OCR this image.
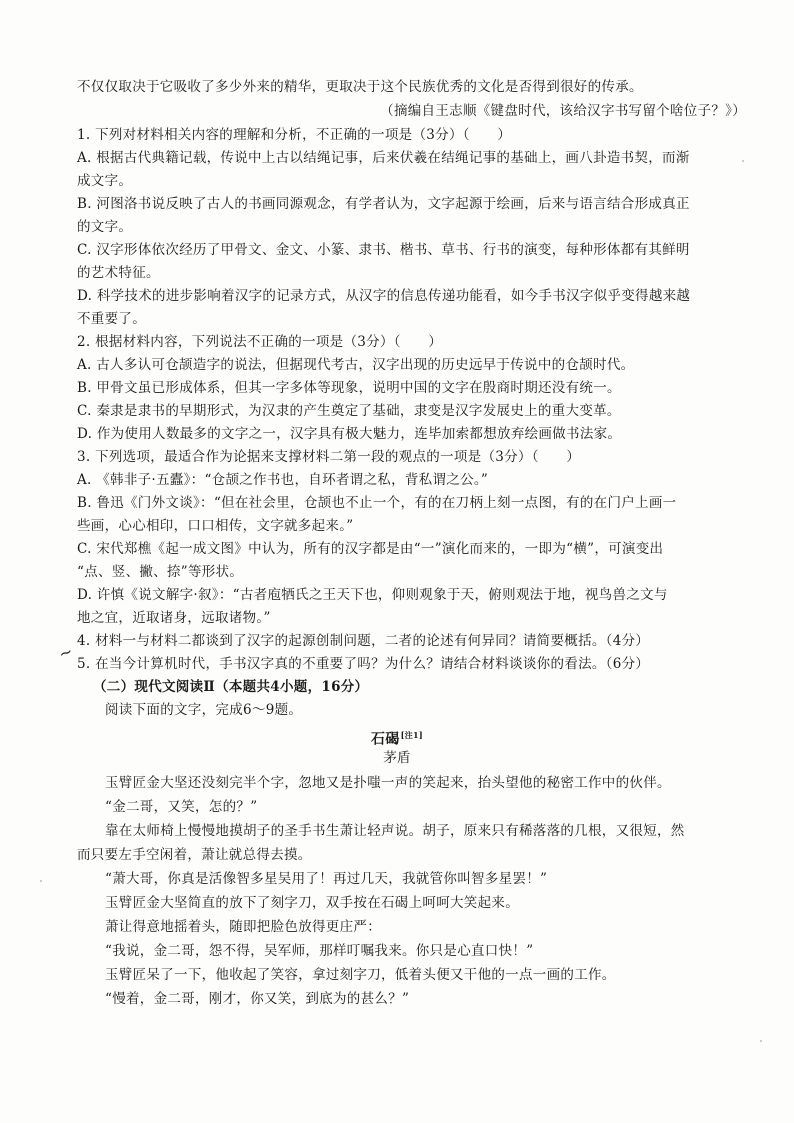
不仅仅取决于它吸收了多少外来的精华，更取决于这个民族优秀的文化是否得到很好的传承。
（摘编自王志顺《键盘时代，该给汉字书写留个啥位子？》）
1. 下列对材料相关内容的理解和分析，不正确的一项是（3分）（　　）
A. 根据古代典籍记载，传说中上古以结绳记事，后来伏羲在结绳记事的基础上，画八卦造书契，而渐
成文字。
B. 河图洛书说反映了古人的书画同源观念，有学者认为，文字起源于绘画，后来与语言结合形成真正
的文字。
C. 汉字形体依次经历了甲骨文、金文、小篆、隶书、楷书、草书、行书的演变，每种形体都有其鲜明
的艺术特征。
D. 科学技术的进步影响着汉字的记录方式，从汉字的信息传递功能看，如今手书汉字似乎变得越来越
不重要了。
2. 根据材料内容，下列说法不正确的一项是（3分）（　　）
A. 古人多认可仓颉造字的说法，但据现代考古，汉字出现的历史远早于传说中的仓颉时代。
B. 甲骨文虽已形成体系，但其一字多体等现象，说明中国的文字在殷商时期还没有统一。
C. 秦隶是隶书的早期形式，为汉隶的产生奠定了基础，隶变是汉字发展史上的重大变革。
D. 作为使用人数最多的文字之一，汉字具有极大魅力，连毕加索都想放弃绘画做书法家。
3. 下列选项，最适合作为论据来支撑材料二第一段的观点的一项是（3分）（　　）
A. 《韩非子·五蠹》：“仓颉之作书也，自环者谓之私，背私谓之公。”
B. 鲁迅《门外文谈》：“但在社会里，仓颉也不止一个，有的在刀柄上刻一点图，有的在门户上画一
些画，心心相印，口口相传，文字就多起来。”
C. 宋代郑樵《起一成文图》中认为，所有的汉字都是由“一”演化而来的，一即为“横”，可演变出
“点、竖、撇、捺”等形状。
D. 许慎《说文解字·叙》：“古者庖牺氏之王天下也，仰则观象于天，俯则观法于地，视鸟兽之文与
地之宜，近取诸身，远取诸物。”
4. 材料一与材料二都谈到了汉字的起源创制问题，二者的论述有何异同？请简要概括。（4分）
5. 在当今计算机时代，手书汉字真的不重要了吗？为什么？请结合材料谈谈你的看法。（6分）
~
（二）现代文阅读Ⅱ（本题共4小题，16分）
阅读下面的文字，完成6～9题。
石碣[注1]
茅盾
玉臂匠金大坚还没刻完半个字，忽地又是扑嗤一声的笑起来，抬头望他的秘密工作中的伙伴。
“金二哥，又笑，怎的？”
靠在太师椅上慢慢地摸胡子的圣手书生萧让轻声说。胡子，原来只有稀落落的几根，又很短，然
而只要左手空闲着，萧让就总得去摸。
“萧大哥，你真是活像智多星吴用了！再过几天，我就管你叫智多星罢！”
玉臂匠金大坚简直的放下了刻字刀，双手按在石碣上呵呵大笑起来。
萧让得意地摇着头，随即把脸色放得更庄严：
“我说，金二哥，怨不得，吴军师，那样叮嘱我来。你只是心直口快！”
玉臂匠呆了一下，他收起了笑容，拿过刻字刀，低着头便又干他的一点一画的工作。
“慢着，金二哥，刚才，你又笑，到底为的甚么？”
